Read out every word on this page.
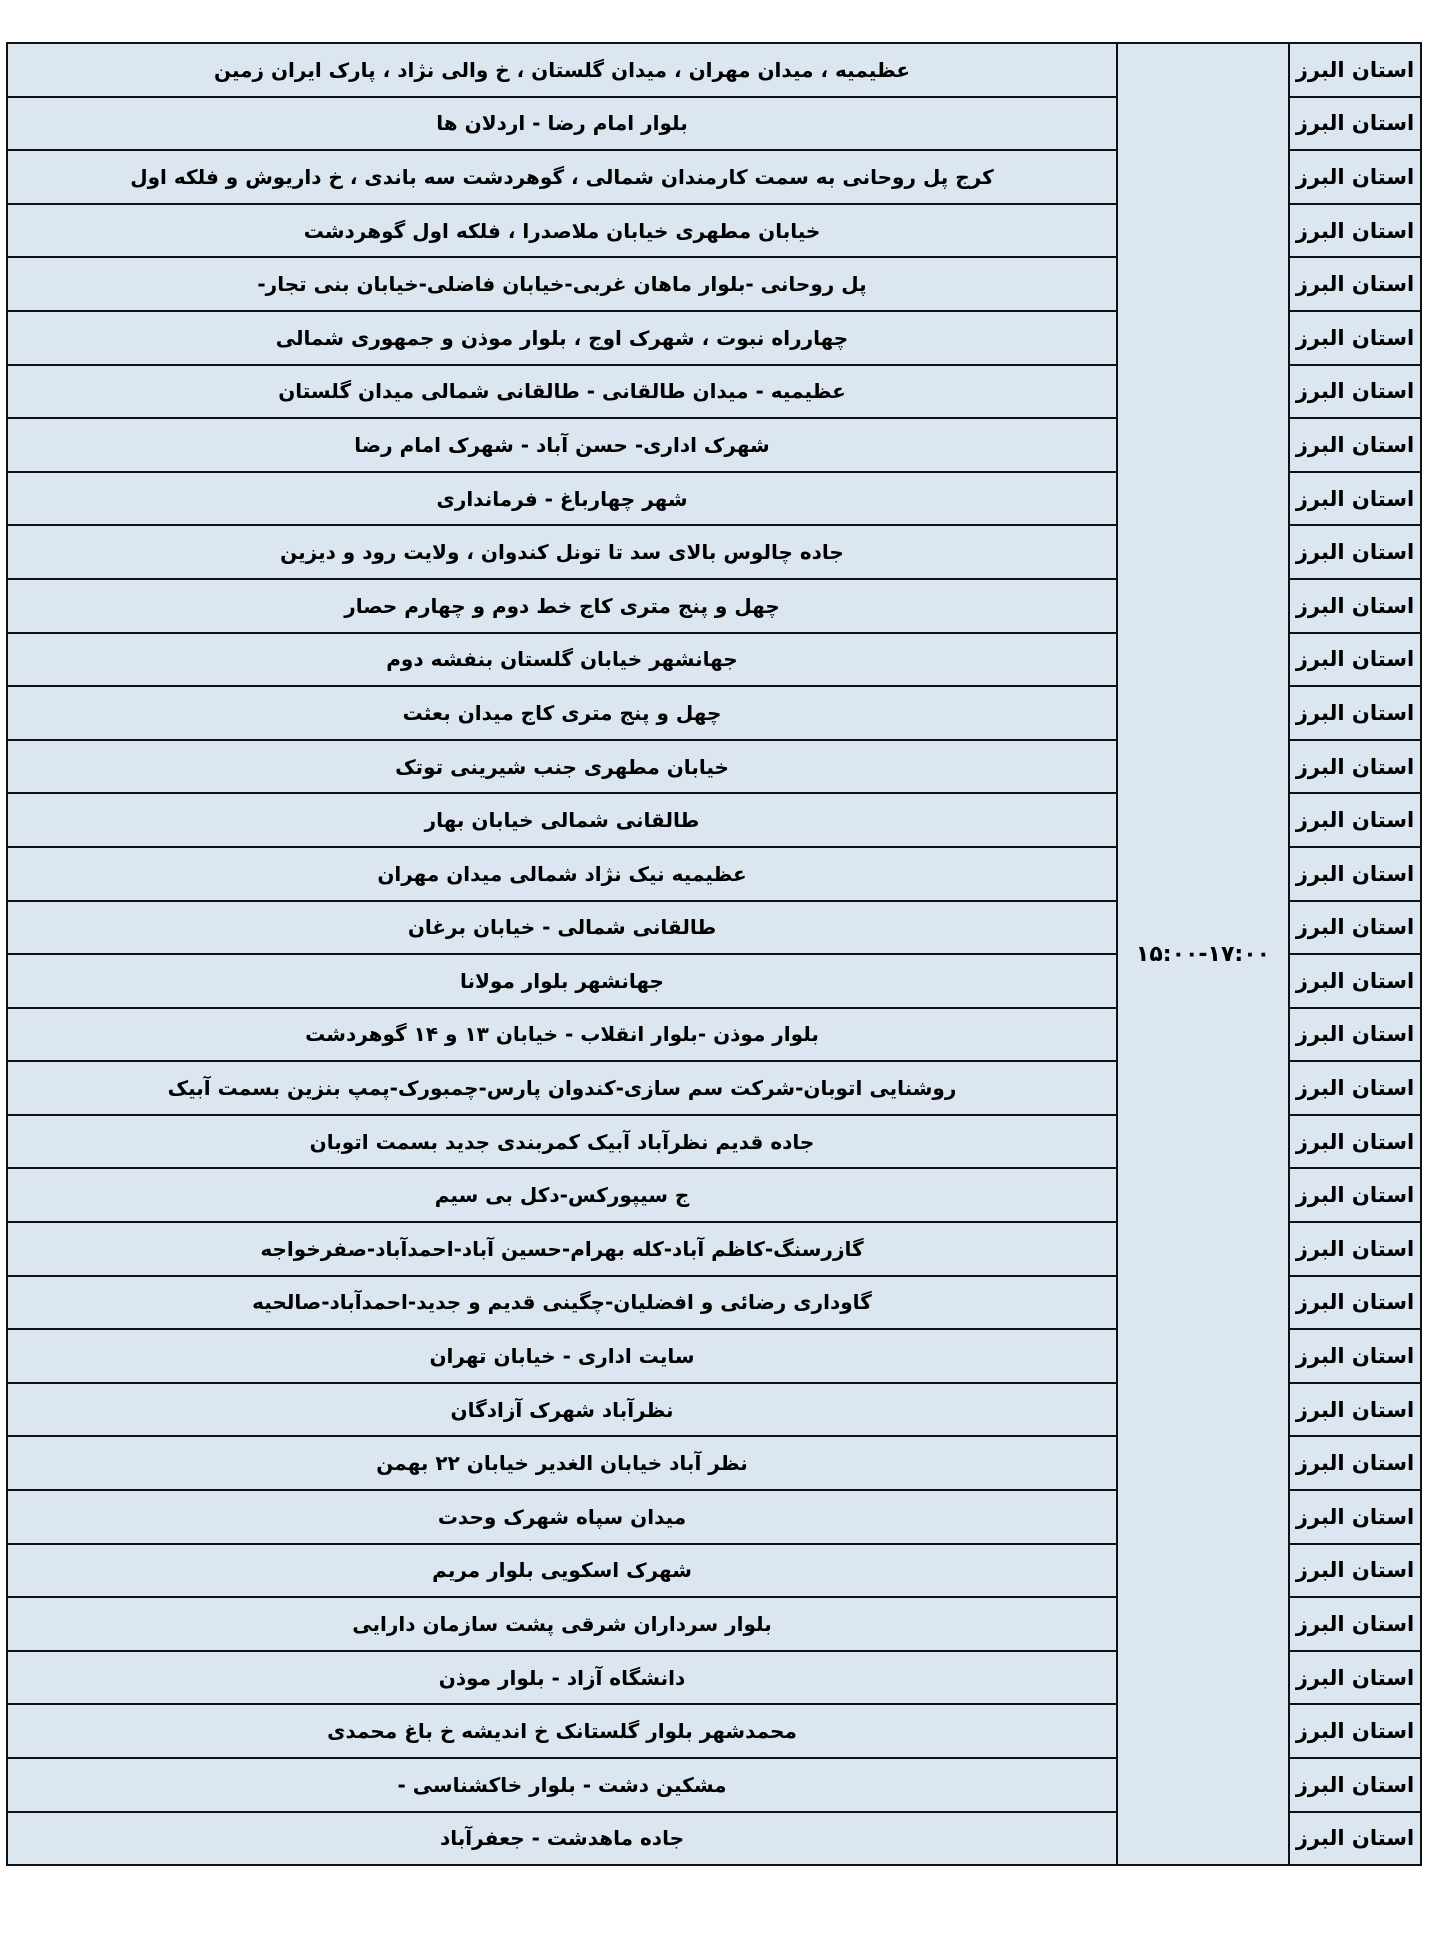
استان البرز	۱۵:۰۰-۱۷:۰۰	عظیمیه ، میدان مهران ، میدان گلستان ، خ والی نژاد ، پارک ایران زمین
استان البرز		بلوار امام رضا - اردلان ها
استان البرز		کرج پل روحانی به سمت کارمندان شمالی ، گوهردشت سه باندی ، خ داریوش و فلکه اول
استان البرز		خیابان مطهری خیابان ملاصدرا ، فلکه اول گوهردشت
استان البرز		پل روحانی -بلوار ماهان غربی-خیابان فاضلی-خیابان بنی تجار-
استان البرز		چهارراه نبوت ، شهرک اوج ، بلوار موذن و جمهوری شمالی
استان البرز		عظیمیه - میدان طالقانی - طالقانی شمالی میدان گلستان
استان البرز		شهرک اداری- حسن آباد - شهرک امام رضا
استان البرز		شهر چهارباغ - فرمانداری
استان البرز		جاده چالوس بالای سد تا تونل کندوان ، ولایت رود و دیزین
استان البرز		چهل و پنج متری کاج خط دوم و چهارم حصار
استان البرز		جهانشهر خیابان گلستان بنفشه دوم
استان البرز		چهل و پنج متری کاج میدان بعثت
استان البرز		خیابان مطهری جنب شیرینی توتک
استان البرز		طالقانی شمالی خیابان بهار
استان البرز		عظیمیه نیک نژاد شمالی میدان مهران
استان البرز		طالقانی شمالی - خیابان برغان
استان البرز		جهانشهر بلوار مولانا
استان البرز		بلوار موذن -بلوار انقلاب - خیابان ۱۳ و ۱۴ گوهردشت
استان البرز		روشنایی اتوبان-شرکت سم سازی-کندوان پارس-چمبورک-پمپ بنزین بسمت آبیک
استان البرز		جاده قدیم نظرآباد آبیک کمربندی جدید بسمت اتوبان
استان البرز		ج سیپورکس-دکل بی سیم
استان البرز		گازرسنگ-کاظم آباد-کله بهرام-حسین آباد-احمدآباد-صفرخواجه
استان البرز		گاوداری رضائی و افضلیان-چگینی قدیم و جدید-احمدآباد-صالحیه
استان البرز		سایت اداری - خیابان تهران
استان البرز		نظرآباد شهرک آزادگان
استان البرز		نظر آباد خیابان الغدیر خیابان ۲۲ بهمن
استان البرز		میدان سپاه شهرک وحدت
استان البرز		شهرک اسکویی بلوار مریم
استان البرز		بلوار سرداران شرقی پشت سازمان دارایی
استان البرز		دانشگاه آزاد - بلوار موذن
استان البرز		محمدشهر بلوار گلستانک خ اندیشه خ باغ محمدی
استان البرز		مشکین دشت - بلوار خاکشناسی -
استان البرز		جاده ماهدشت - جعفرآباد
